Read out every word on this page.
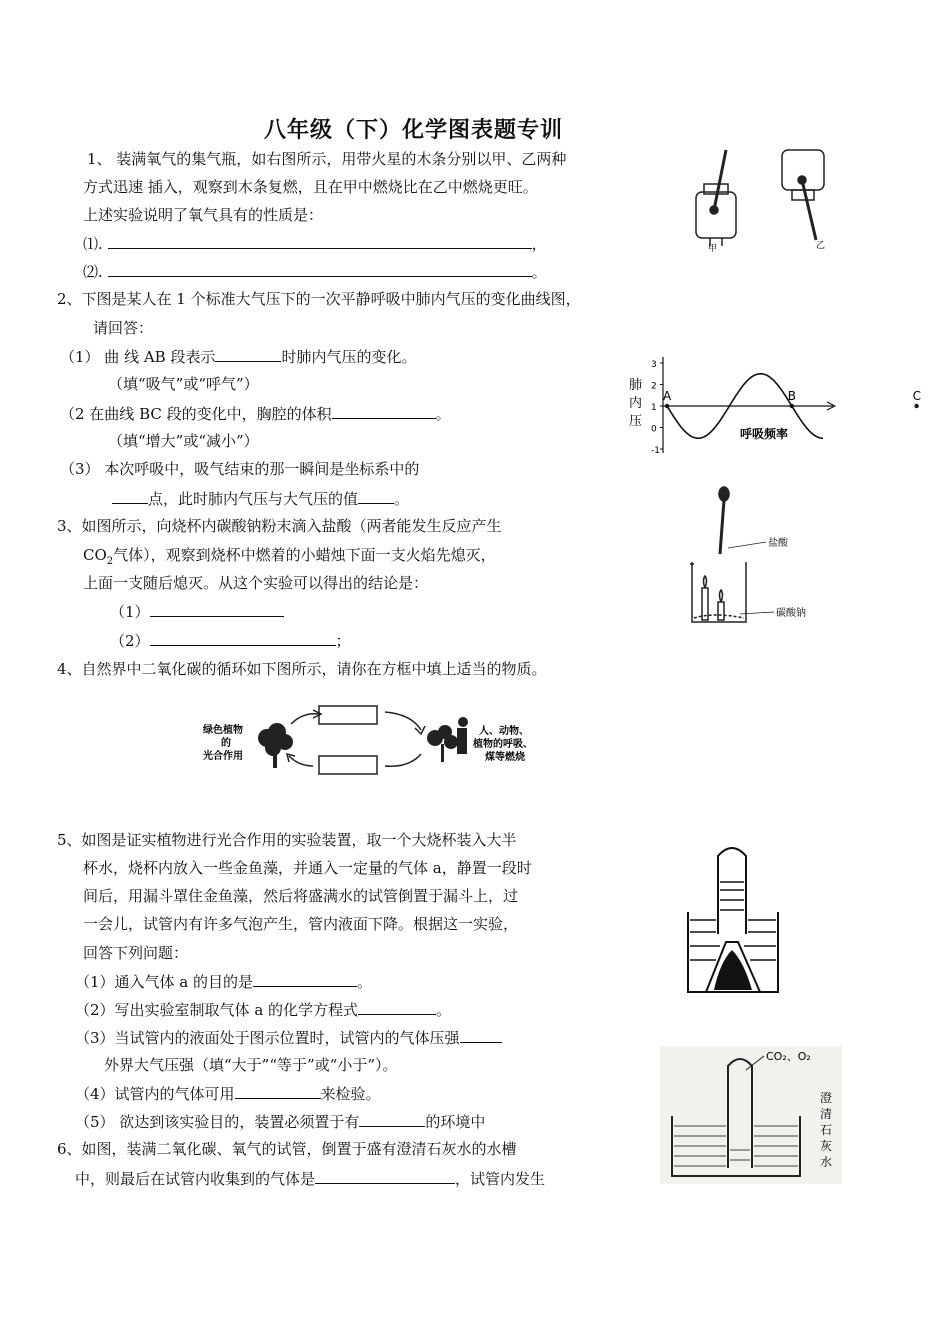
八年级（下）化学图表题专训
1、 装满氧气的集气瓶，如右图所示，用带火星的木条分别以甲、乙两种
方式迅速 插入，观察到木条复燃，且在甲中燃烧比在乙中燃烧更旺。
上述实验说明了氧气具有的性质是：
⑴.	，
⑵.	。
甲	乙
2、下图是某人在 1 个标准大气压下的一次平静呼吸中肺内气压的变化曲线图，
请回答：
（1） 曲 线 AB 段表示	时肺内气压的变化。
（填“吸气”或“呼气”）
（2 在曲线 BC 段的变化中，胸腔的体积	。
（填“增大”或“减小”）
（3） 本次呼吸中，吸气结束的那一瞬间是坐标系中的
点，此时肺内气压与大气压的值 。
肺
内
压
呼吸频率
3
2
1
0
-1
A	B	C
3、如图所示，向烧杯内碳酸钠粉末滴入盐酸（两者能发生反应产生
$CO_2$气体），观察到烧杯中燃着的小蜡烛下面一支火焰先熄灭，
上面一支随后熄灭。从这个实验可以得出的结论是：
（1）
（2）	；
盐酸
碳酸钠
4、自然界中二氧化碳的循环如下图所示，请你在方框中填上适当的物质。
绿色植物
的
光合作用
人、动物、
植物的呼吸、
煤等燃烧
5、如图是证实植物进行光合作用的实验装置，取一个大烧杯装入大半
杯水，烧杯内放入一些金鱼藻，并通入一定量的气体 a，静置一段时
间后，用漏斗罩住金鱼藻，然后将盛满水的试管倒置于漏斗上，过
一会儿，试管内有许多气泡产生，管内液面下降。根据这一实验，
回答下列问题：
（1）通入气体 a 的目的是	。
（2）写出实验室制取气体 a 的化学方程式	。
（3）当试管内的液面处于图示位置时，试管内的气体压强
外界大气压强（填“大于”“等于”或“小于”）。
（4）试管内的气体可用	来检验。
（5） 欲达到该实验目的，装置必须置于有	的环境中
6、如图，装满二氧化碳、氧气的试管，倒置于盛有澄清石灰水的水槽
中，则最后在试管内收集到的气体是	，试管内发生
CO₂、O₂
澄
清
石
灰
水
